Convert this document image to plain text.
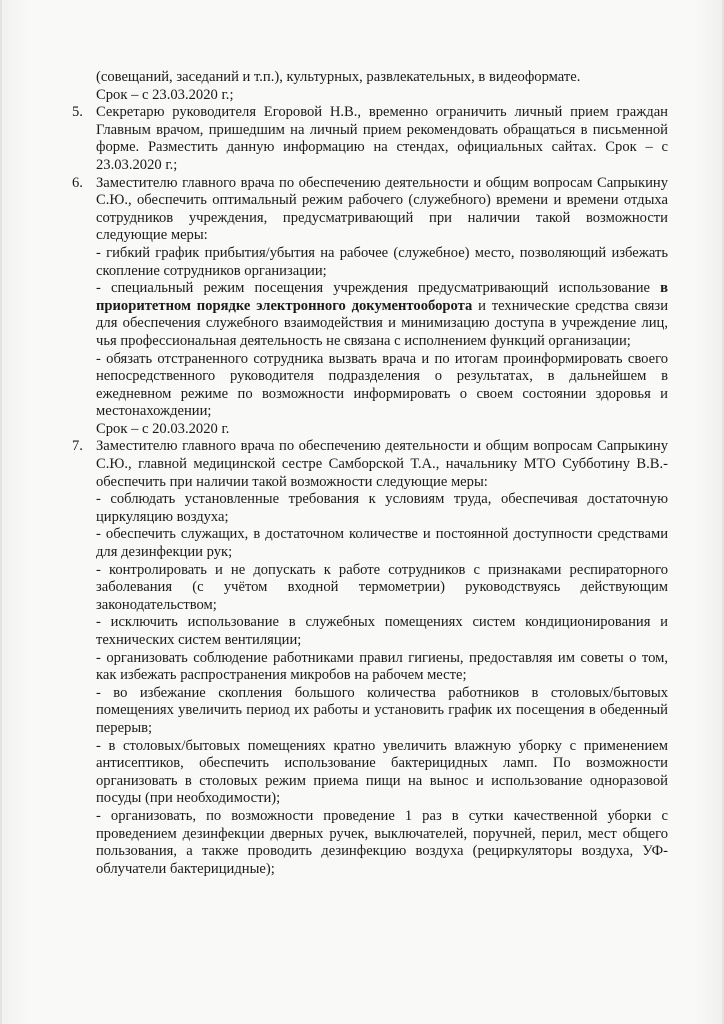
(совещаний, заседаний и т.п.), культурных, развлекательных, в видеоформате.
Срок – с 23.03.2020 г.;
5. Секретарю руководителя Егоровой Н.В., временно ограничить личный прием граждан Главным врачом, пришедшим на личный прием рекомендовать обращаться в письменной форме. Разместить данную информацию на стендах, официальных сайтах. Срок – с 23.03.2020 г.;
6. Заместителю главного врача по обеспечению деятельности и общим вопросам Сапрыкину С.Ю., обеспечить оптимальный режим рабочего (служебного) времени и времени отдыха сотрудников учреждения, предусматривающий при наличии такой возможности следующие меры:
- гибкий график прибытия/убытия на рабочее (служебное) место, позволяющий избежать скопление сотрудников организации;
- специальный режим посещения учреждения предусматривающий использование в приоритетном порядке электронного документооборота и технические средства связи для обеспечения служебного взаимодействия и минимизацию доступа в учреждение лиц, чья профессиональная деятельность не связана с исполнением функций организации;
- обязать отстраненного сотрудника вызвать врача и по итогам проинформировать своего непосредственного руководителя подразделения о результатах, в дальнейшем в ежедневном режиме по возможности информировать о своем состоянии здоровья и местонахождении;
Срок – с 20.03.2020 г.
7. Заместителю главного врача по обеспечению деятельности и общим вопросам Сапрыкину С.Ю., главной медицинской сестре Самборской Т.А., начальнику МТО Субботину В.В.- обеспечить при наличии такой возможности следующие меры:
- соблюдать установленные требования к условиям труда, обеспечивая достаточную циркуляцию воздуха;
- обеспечить служащих, в достаточном количестве и постоянной доступности средствами для дезинфекции рук;
- контролировать и не допускать к работе сотрудников с признаками респираторного заболевания (с учётом входной термометрии) руководствуясь действующим законодательством;
- исключить использование в служебных помещениях систем кондиционирования и технических систем вентиляции;
- организовать соблюдение работниками правил гигиены, предоставляя им советы о том, как избежать распространения микробов на рабочем месте;
- во избежание скопления большого количества работников в столовых/бытовых помещениях увеличить период их работы и установить график их посещения в обеденный перерыв;
- в столовых/бытовых помещениях кратно увеличить влажную уборку с применением антисептиков, обеспечить использование бактерицидных ламп. По возможности организовать в столовых режим приема пищи на вынос и использование одноразовой посуды (при необходимости);
- организовать, по возможности проведение 1 раз в сутки качественной уборки с проведением дезинфекции дверных ручек, выключателей, поручней, перил, мест общего пользования, а также проводить дезинфекцию воздуха (рециркуляторы воздуха, УФ-облучатели бактерицидные);
